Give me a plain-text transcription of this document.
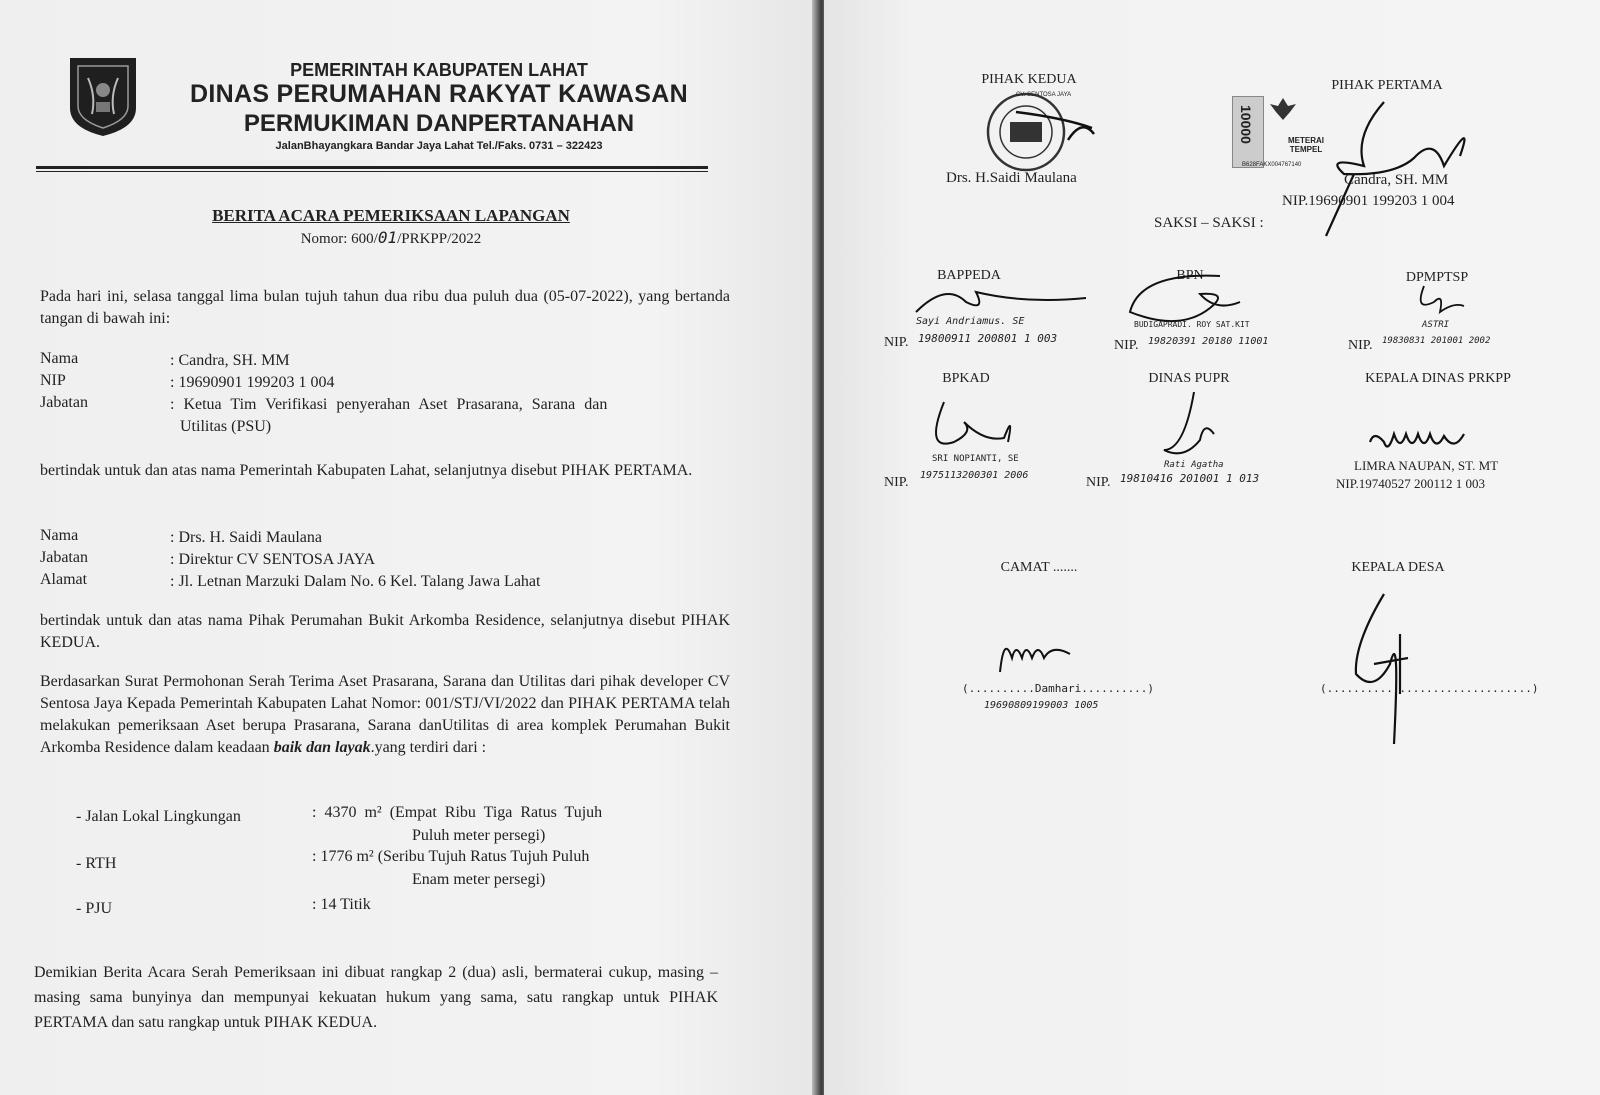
PEMERINTAH KABUPATEN LAHAT
DINAS PERUMAHAN RAKYAT KAWASAN
PERMUKIMAN DANPERTANAHAN
JalanBhayangkara Bandar Jaya Lahat Tel./Faks. 0731 – 322423
BERITA ACARA PEMERIKSAAN LAPANGAN
Nomor: 600/01/PRKPP/2022
Pada hari ini, selasa tanggal lima bulan tujuh tahun dua ribu dua puluh dua (05-07-2022), yang bertanda tangan di bawah ini:
Nama	: Candra, SH. MM
NIP	: 19690901 199203 1 004
Jabatan	: Ketua Tim Verifikasi penyerahan Aset Prasarana, Sarana dan
Utilitas (PSU)
bertindak untuk dan atas nama Pemerintah Kabupaten Lahat, selanjutnya disebut PIHAK PERTAMA.
Nama	: Drs. H. Saidi Maulana
Jabatan	: Direktur CV SENTOSA JAYA
Alamat	: Jl. Letnan Marzuki Dalam No. 6 Kel. Talang Jawa Lahat
bertindak untuk dan atas nama Pihak Perumahan Bukit Arkomba Residence, selanjutnya disebut PIHAK KEDUA.
Berdasarkan Surat Permohonan Serah Terima Aset Prasarana, Sarana dan Utilitas dari pihak developer CV Sentosa Jaya Kepada Pemerintah Kabupaten Lahat Nomor: 001/STJ/VI/2022 dan PIHAK PERTAMA telah melakukan pemeriksaan Aset berupa Prasarana, Sarana danUtilitas di area komplek Perumahan Bukit Arkomba Residence dalam keadaan baik dan layak.yang terdiri dari :
- Jalan Lokal Lingkungan	: 4370 m² (Empat Ribu Tiga Ratus Tujuh
Puluh meter persegi)
- RTH	: 1776 m² (Seribu Tujuh Ratus Tujuh Puluh
Enam meter persegi)
- PJU	: 14 Titik
Demikian Berita Acara Serah Pemeriksaan ini dibuat rangkap 2 (dua) asli, bermaterai cukup, masing – masing sama bunyinya dan mempunyai kekuatan hukum yang sama, satu rangkap untuk PIHAK PERTAMA dan satu rangkap untuk PIHAK KEDUA.
PIHAK KEDUA
CV. SENTOSA JAYA
Drs. H.Saidi Maulana
PIHAK PERTAMA
10000	METERAI TEMPEL
B628FAKX004767140
Candra, SH. MM
NIP.19690901 199203 1 004
SAKSI – SAKSI :
BAPPEDA
Sayi Andriamus. SE
NIP. 19800911 200801 1 003
BPN
BUDIGAPRADI. ROY SAT.KIT
NIP. 19820391 20180 11001
DPMPTSP
ASTRI
NIP. 19830831 201001 2002
BPKAD
SRI NOPIANTI, SE
NIP. 1975113200301 2006
DINAS PUPR
Rati Agatha
NIP. 19810416 201001 1 013
KEPALA DINAS PRKPP
LIMRA NAUPAN, ST. MT
NIP.19740527 200112 1 003
CAMAT .......
(..........Damhari..........)
19690809199003 1005
KEPALA DESA
(...............................)
